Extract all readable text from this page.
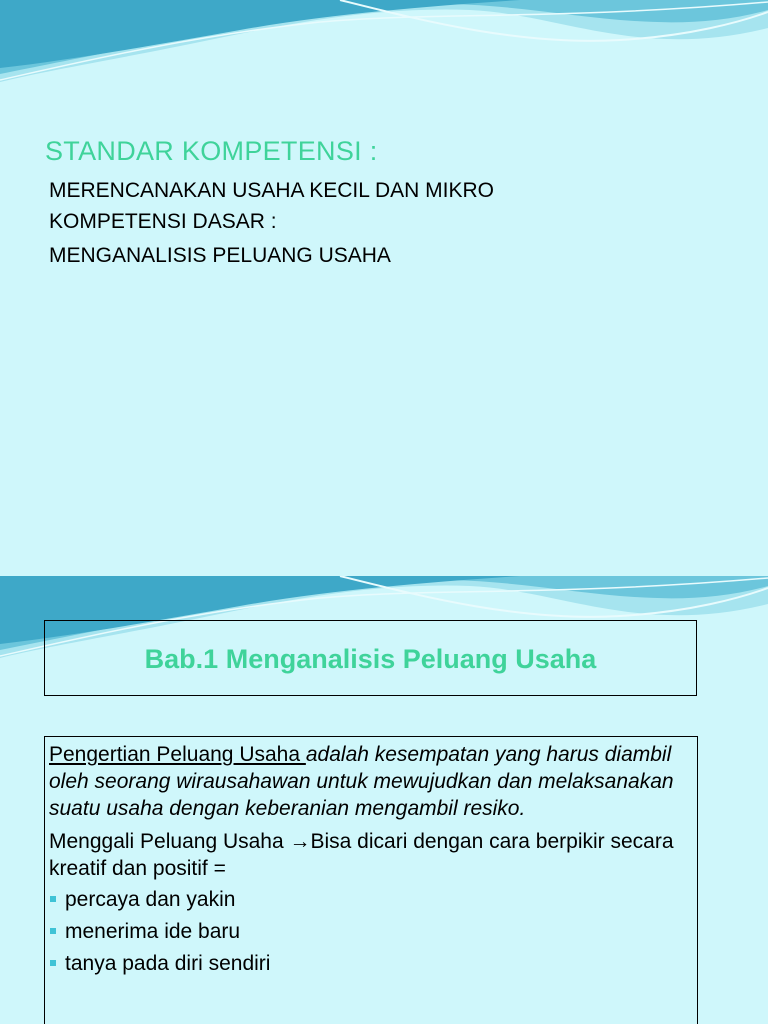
STANDAR KOMPETENSI :
MERENCANAKAN USAHA KECIL DAN MIKRO
KOMPETENSI DASAR :
MENGANALISIS PELUANG USAHA
Bab.1 Menganalisis Peluang Usaha

Pengertian Peluang Usaha adalah kesempatan yang harus diambil oleh seorang wirausahawan untuk mewujudkan dan melaksanakan suatu usaha dengan keberanian mengambil resiko.

Menggali Peluang Usaha →Bisa dicari dengan cara berpikir secara kreatif dan positif =

percaya dan yakin
menerima ide baru
tanya pada diri sendiri
